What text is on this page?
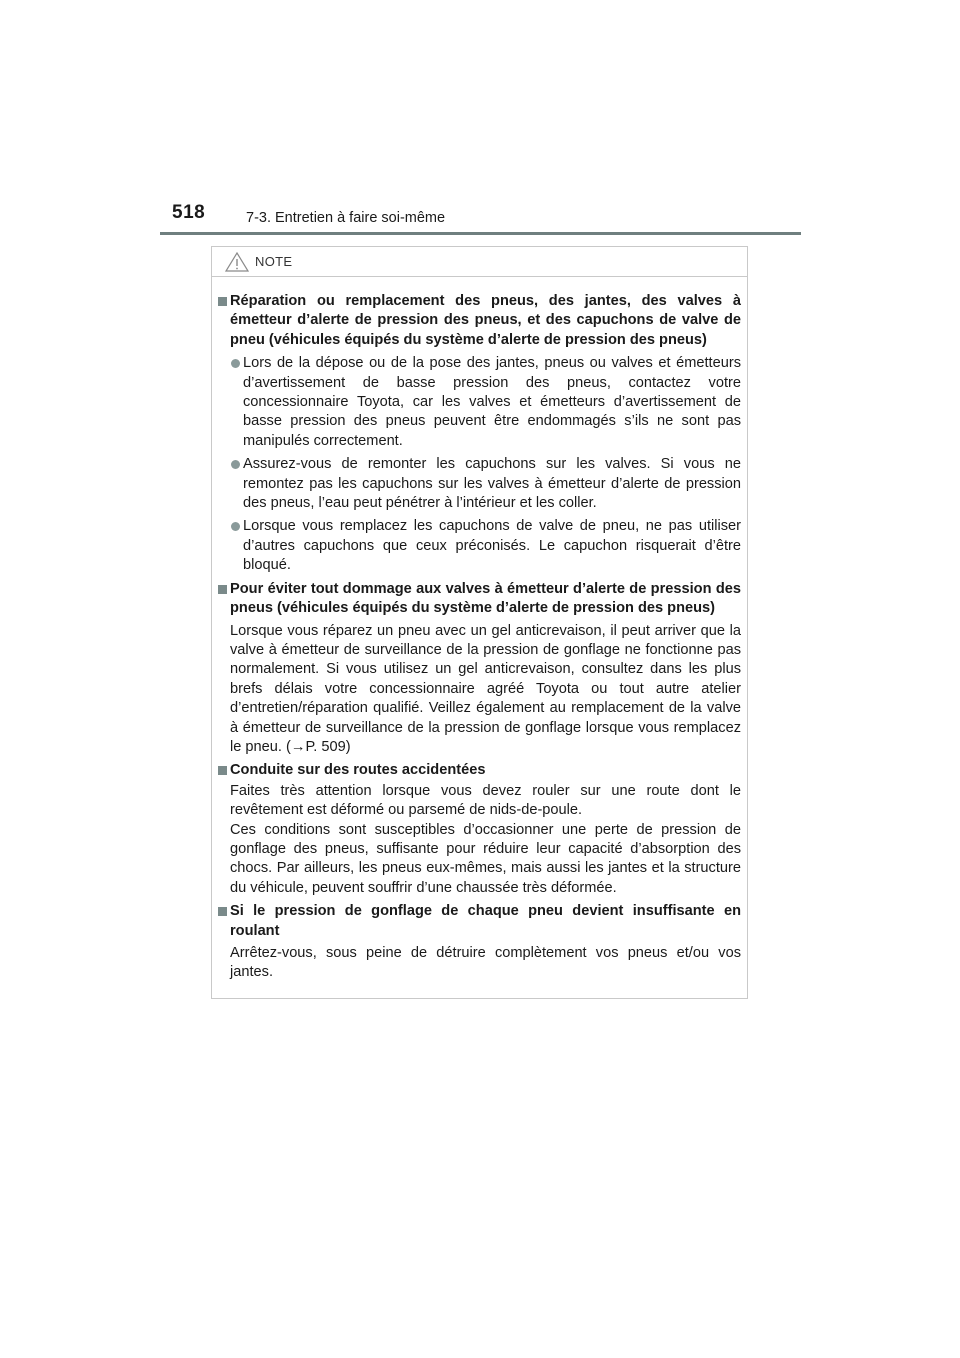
518	7-3. Entretien à faire soi-même
NOTE
Réparation ou remplacement des pneus, des jantes, des valves à émetteur d’alerte de pression des pneus, et des capuchons de valve de pneu (véhicules équipés du système d’alerte de pression des pneus)
Lors de la dépose ou de la pose des jantes, pneus ou valves et émetteurs d’avertissement de basse pression des pneus, contactez votre concessionnaire Toyota, car les valves et émetteurs d’avertissement de basse pression des pneus peuvent être endommagés s’ils ne sont pas manipulés correctement.
Assurez-vous de remonter les capuchons sur les valves. Si vous ne remontez pas les capuchons sur les valves à émetteur d’alerte de pression des pneus, l’eau peut pénétrer à l’intérieur et les coller.
Lorsque vous remplacez les capuchons de valve de pneu, ne pas utiliser d’autres capuchons que ceux préconisés. Le capuchon risquerait d’être bloqué.
Pour éviter tout dommage aux valves à émetteur d’alerte de pression des pneus (véhicules équipés du système d’alerte de pression des pneus)
Lorsque vous réparez un pneu avec un gel anticrevaison, il peut arriver que la valve à émetteur de surveillance de la pression de gonflage ne fonctionne pas normalement. Si vous utilisez un gel anticrevaison, consultez dans les plus brefs délais votre concessionnaire agréé Toyota ou tout autre atelier d’entretien/réparation qualifié. Veillez également au remplacement de la valve à émetteur de surveillance de la pression de gonflage lorsque vous remplacez le pneu. (→P. 509)
Conduite sur des routes accidentées
Faites très attention lorsque vous devez rouler sur une route dont le revêtement est déformé ou parsemé de nids-de-poule.
Ces conditions sont susceptibles d’occasionner une perte de pression de gonflage des pneus, suffisante pour réduire leur capacité d’absorption des chocs. Par ailleurs, les pneus eux-mêmes, mais aussi les jantes et la structure du véhicule, peuvent souffrir d’une chaussée très déformée.
Si le pression de gonflage de chaque pneu devient insuffisante en roulant
Arrêtez-vous, sous peine de détruire complètement vos pneus et/ou vos jantes.
